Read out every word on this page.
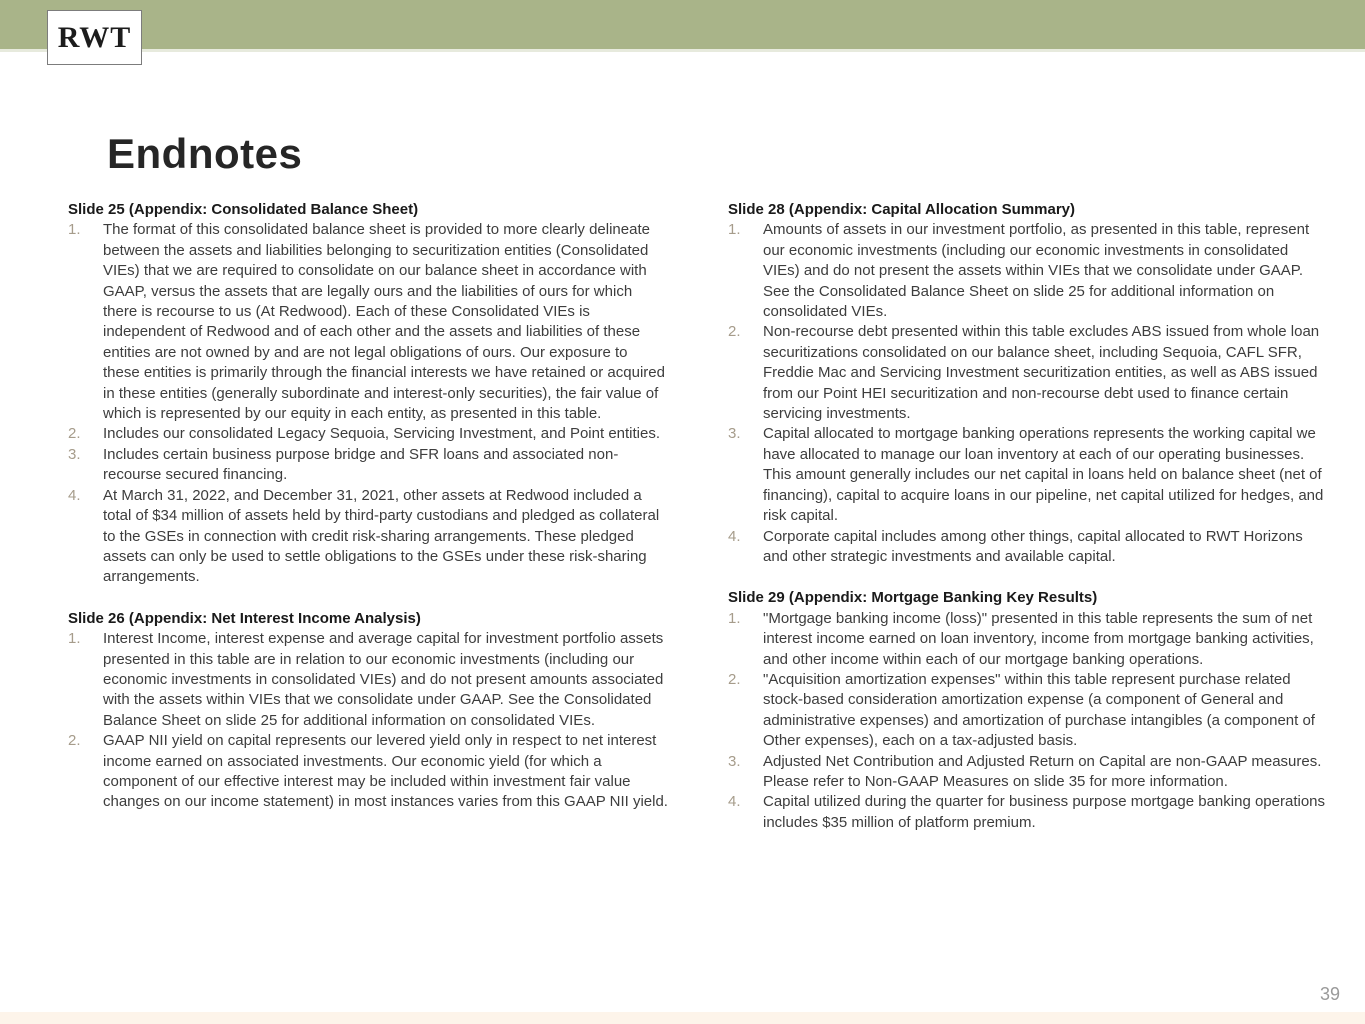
RWT
Endnotes
Slide 25 (Appendix: Consolidated Balance Sheet)
1.	The format of this consolidated balance sheet is provided to more clearly delineate between the assets and liabilities belonging to securitization entities (Consolidated VIEs) that we are required to consolidate on our balance sheet in accordance with GAAP, versus the assets that are legally ours and the liabilities of ours for which there is recourse to us (At Redwood). Each of these Consolidated VIEs is independent of Redwood and of each other and the assets and liabilities of these entities are not owned by and are not legal obligations of ours. Our exposure to these entities is primarily through the financial interests we have retained or acquired in these entities (generally subordinate and interest-only securities), the fair value of which is represented by our equity in each entity, as presented in this table.
2.	Includes our consolidated Legacy Sequoia, Servicing Investment, and Point entities.
3.	Includes certain business purpose bridge and SFR loans and associated non-recourse secured financing.
4.	At March 31, 2022, and December 31, 2021, other assets at Redwood included a total of $34 million of assets held by third-party custodians and pledged as collateral to the GSEs in connection with credit risk-sharing arrangements. These pledged assets can only be used to settle obligations to the GSEs under these risk-sharing arrangements.
Slide 26 (Appendix: Net Interest Income Analysis)
1.	Interest Income, interest expense and average capital for investment portfolio assets presented in this table are in relation to our economic investments (including our economic investments in consolidated VIEs) and do not present amounts associated with the assets within VIEs that we consolidate under GAAP. See the Consolidated Balance Sheet on slide 25 for additional information on consolidated VIEs.
2.	GAAP NII yield on capital represents our levered yield only in respect to net interest income earned on associated investments. Our economic yield (for which a component of our effective interest may be included within investment fair value changes on our income statement) in most instances varies from this GAAP NII yield.
Slide 28 (Appendix: Capital Allocation Summary)
1.	Amounts of assets in our investment portfolio, as presented in this table, represent our economic investments (including our economic investments in consolidated VIEs) and do not present the assets within VIEs that we consolidate under GAAP. See the Consolidated Balance Sheet on slide 25 for additional information on consolidated VIEs.
2.	Non-recourse debt presented within this table excludes ABS issued from whole loan securitizations consolidated on our balance sheet, including Sequoia, CAFL SFR, Freddie Mac and Servicing Investment securitization entities, as well as ABS issued from our Point HEI securitization and non-recourse debt used to finance certain servicing investments.
3.	Capital allocated to mortgage banking operations represents the working capital we have allocated to manage our loan inventory at each of our operating businesses. This amount generally includes our net capital in loans held on balance sheet (net of financing), capital to acquire loans in our pipeline, net capital utilized for hedges, and risk capital.
4.	Corporate capital includes among other things, capital allocated to RWT Horizons and other strategic investments and available capital.
Slide 29 (Appendix: Mortgage Banking Key Results)
1.	"Mortgage banking income (loss)" presented in this table represents the sum of net interest income earned on loan inventory, income from mortgage banking activities, and other income within each of our mortgage banking operations.
2.	"Acquisition amortization expenses" within this table represent purchase related stock-based consideration amortization expense (a component of General and administrative expenses) and amortization of purchase intangibles (a component of Other expenses), each on a tax-adjusted basis.
3.	Adjusted Net Contribution and Adjusted Return on Capital are non-GAAP measures. Please refer to Non-GAAP Measures on slide 35 for more information.
4.	Capital utilized during the quarter for business purpose mortgage banking operations includes $35 million of platform premium.
39
